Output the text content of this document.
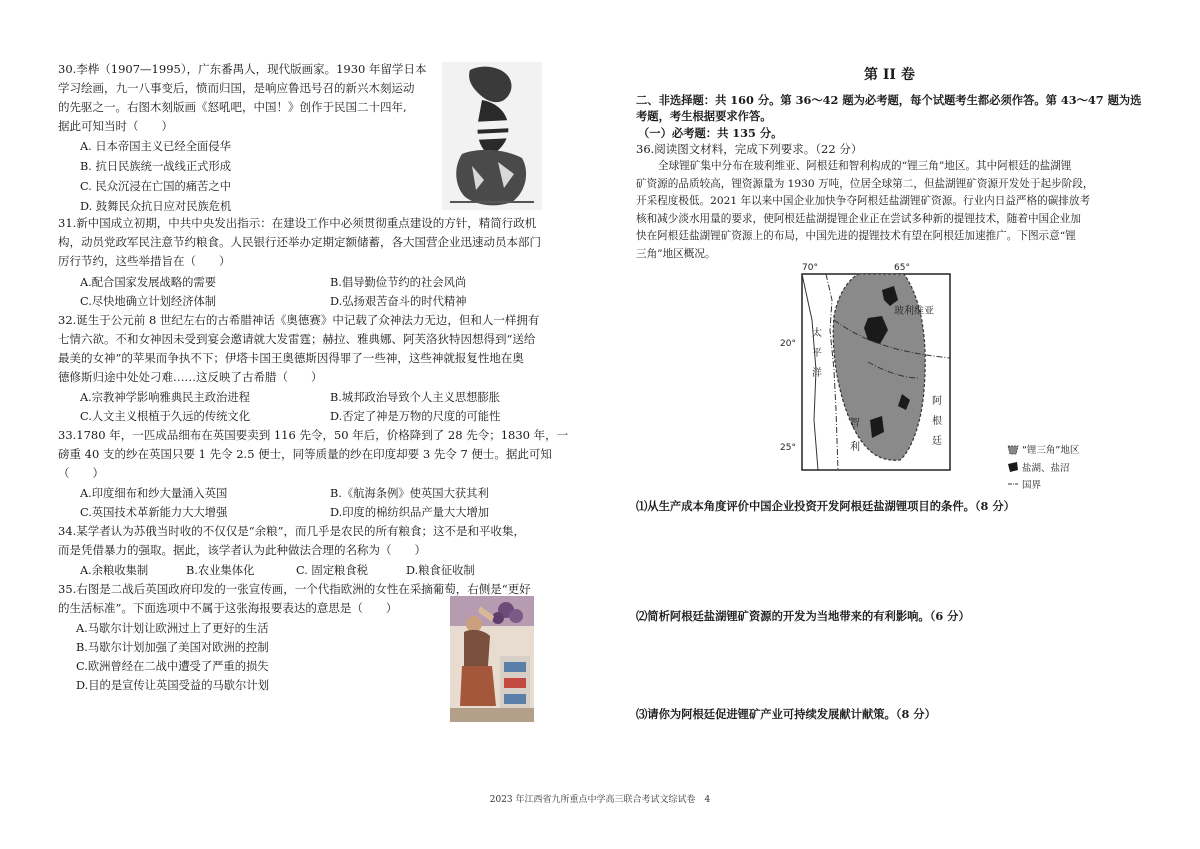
30.李桦（1907—1995），广东番禺人，现代版画家。1930 年留学日本
学习绘画，九一八事变后，愤而归国，是响应鲁迅号召的新兴木刻运动
的先驱之一。右图木刻版画《怒吼吧，中国！》创作于民国二十四年,
据此可知当时（　　）
A. 日本帝国主义已经全面侵华
B. 抗日民族统一战线正式形成
C. 民众沉浸在亡国的痛苦之中
D. 鼓舞民众抗日应对民族危机
31.新中国成立初期，中共中央发出指示：在建设工作中必须贯彻重点建设的方针，精简行政机
构，动员党政军民注意节约粮食。人民银行还举办定期定额储蓄，各大国营企业迅速动员本部门
厉行节约，这些举措旨在（　　）
A.配合国家发展战略的需要	B.倡导勤俭节约的社会风尚
C.尽快地确立计划经济体制	D.弘扬艰苦奋斗的时代精神
32.诞生于公元前 8 世纪左右的古希腊神话《奥德赛》中记载了众神法力无边，但和人一样拥有
七情六欲。不和女神因未受到宴会邀请就大发雷霆；赫拉、雅典娜、阿芙洛狄特因想得到“送给
最美的女神”的苹果而争执不下；伊塔卡国王奥德斯因得罪了一些神，这些神就报复性地在奥
德修斯归途中处处刁难……这反映了古希腊（　　）
A.宗教神学影响雅典民主政治进程	B.城邦政治导致个人主义思想膨胀
C.人文主义根植于久远的传统文化	D.否定了神是万物的尺度的可能性
33.1780 年，一匹成品细布在英国要卖到 116 先令，50 年后，价格降到了 28 先令；1830 年，一
磅重 40 支的纱在英国只要 1 先令 2.5 便士，同等质量的纱在印度却要 3 先令 7 便士。据此可知
（　　）
A.印度细布和纱大量涌入英国	B.《航海条例》使英国大获其利
C.英国技术革新能力大大增强	D.印度的棉纺织品产量大大增加
34.某学者认为苏俄当时收的不仅仅是“余粮”，而几乎是农民的所有粮食；这不是和平收集，
而是凭借暴力的强取。据此，该学者认为此种做法合理的名称为（　　）
A.余粮收集制	B.农业集体化	C. 固定粮食税	D.粮食征收制
35.右图是二战后英国政府印发的一张宣传画，一个代指欧洲的女性在采摘葡萄，右侧是“更好
的生活标准”。下面选项中不属于这张海报要表达的意思是（　　）
A.马歇尔计划让欧洲过上了更好的生活
B.马歇尔计划加强了美国对欧洲的控制
C.欧洲曾经在二战中遭受了严重的损失
D.目的是宣传让英国受益的马歇尔计划
第 II 卷
二、非选择题：共 160 分。第 36～42 题为必考题，每个试题考生都必须作答。第 43～47 题为选
考题，考生根据要求作答。
（一）必考题：共 135 分。
36.阅读图文材料，完成下列要求。（22 分）
全球锂矿集中分布在玻利维亚、阿根廷和智利构成的“锂三角”地区。其中阿根廷的盐湖锂
矿资源的品质较高，锂资源量为 1930 万吨，位居全球第二，但盐湖锂矿资源开发处于起步阶段，
开采程度极低。2021 年以来中国企业加快争夺阿根廷盐湖锂矿资源。行业内日益严格的碳排放考
核和减少淡水用量的要求，使阿根廷盐湖提锂企业正在尝试多种新的提锂技术，随着中国企业加
快在阿根廷盐湖锂矿资源上的布局，中国先进的提锂技术有望在阿根廷加速推广。下图示意“锂
三角”地区概况。
70°	65°
20°
25°
玻利维亚
太
平
洋
智
利
阿
根
廷
“锂三角”地区
盐湖、盐沼
国界
⑴从生产成本角度评价中国企业投资开发阿根廷盐湖锂项目的条件。（8 分）
⑵简析阿根廷盐湖锂矿资源的开发为当地带来的有利影响。（6 分）
⑶请你为阿根廷促进锂矿产业可持续发展献计献策。（8 分）
2023 年江西省九所重点中学高三联合考试文综试卷　4
